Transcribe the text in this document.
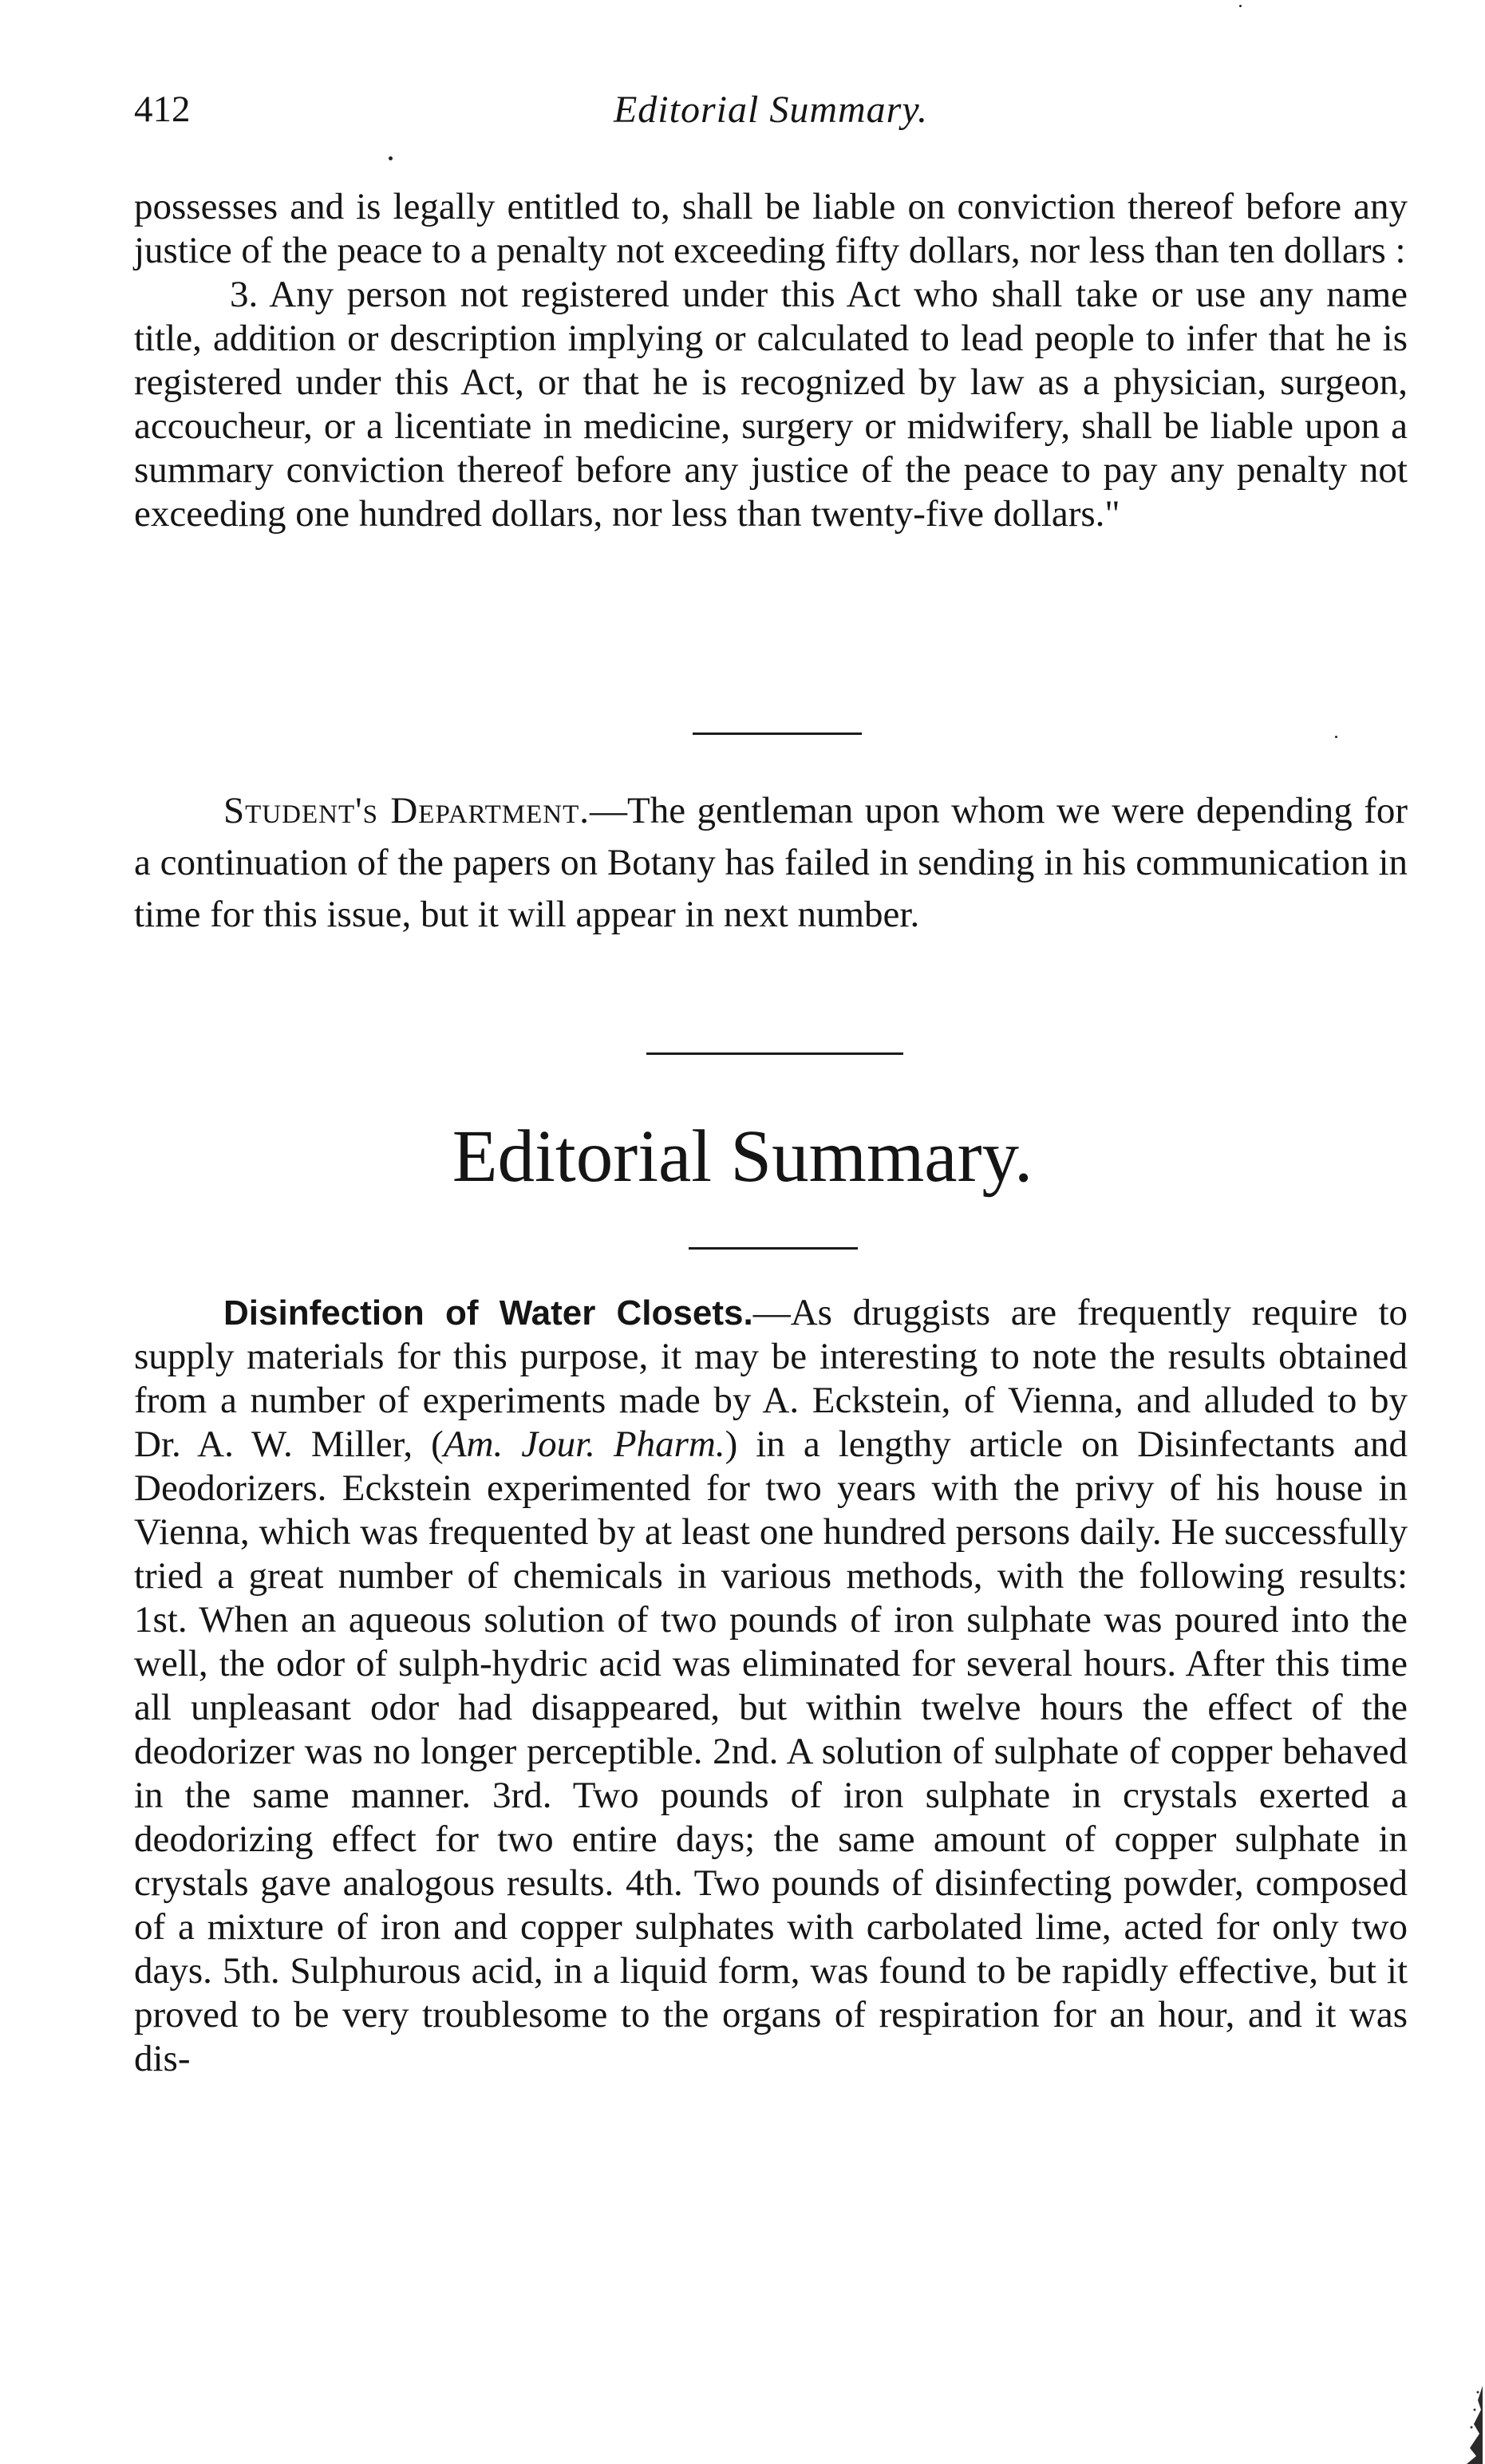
412	Editorial Summary.

possesses and is legally entitled to, shall be liable on conviction thereof before any justice of the peace to a penalty not exceeding fifty dollars, nor less than ten dollars :

3. Any person not registered under this Act who shall take or use any name title, addition or description implying or calculated to lead people to infer that he is registered under this Act, or that he is recognized by law as a physician, surgeon, accoucheur, or a licentiate in medicine, surgery or midwifery, shall be liable upon a summary conviction thereof before any justice of the peace to pay any penalty not exceeding one hundred dollars, nor less than twenty-five dollars."

Student's Department.—The gentleman upon whom we were depending for a continuation of the papers on Botany has failed in sending in his communication in time for this issue, but it will appear in next number.
Editorial Summary.
Disinfection of Water Closets.—As druggists are frequently require to supply materials for this purpose, it may be interesting to note the results obtained from a number of experiments made by A. Eckstein, of Vienna, and alluded to by Dr. A. W. Miller, (Am. Jour. Pharm.) in a lengthy article on Disinfectants and Deodorizers. Eckstein experimented for two years with the privy of his house in Vienna, which was frequented by at least one hundred persons daily. He successfully tried a great number of chemicals in various methods, with the following results: 1st. When an aqueous solution of two pounds of iron sulphate was poured into the well, the odor of sulph-hydric acid was eliminated for several hours. After this time all unpleasant odor had disappeared, but within twelve hours the effect of the deodorizer was no longer perceptible. 2nd. A solution of sulphate of copper behaved in the same manner. 3rd. Two pounds of iron sulphate in crystals exerted a deodorizing effect for two entire days; the same amount of copper sulphate in crystals gave analogous results. 4th. Two pounds of disinfecting powder, composed of a mixture of iron and copper sulphates with carbolated lime, acted for only two days. 5th. Sulphurous acid, in a liquid form, was found to be rapidly effective, but it proved to be very troublesome to the organs of respiration for an hour, and it was dis-
